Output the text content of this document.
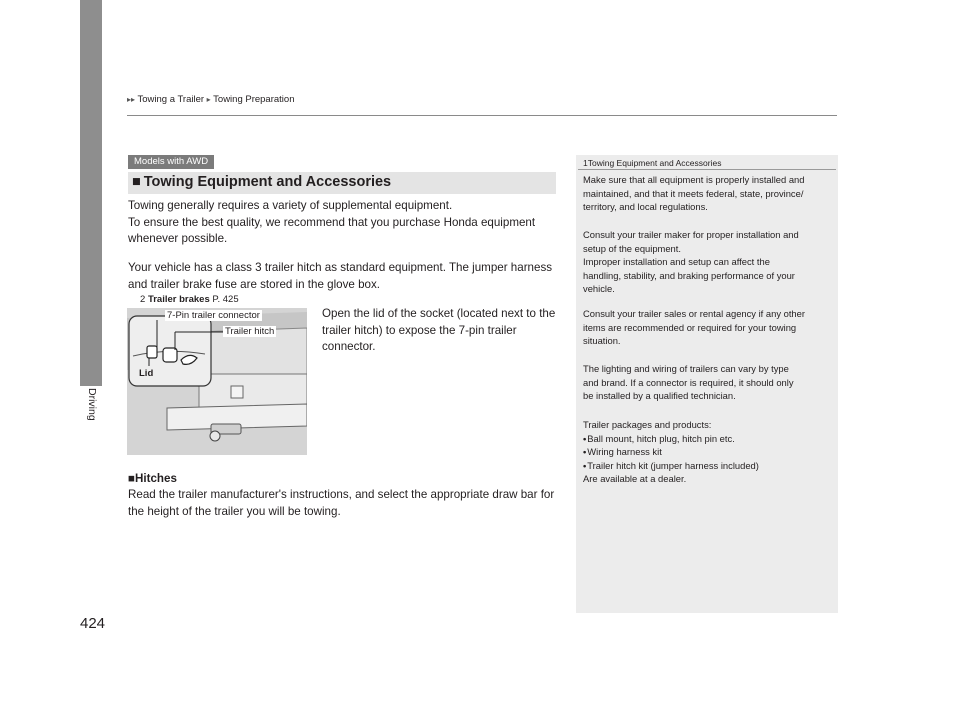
Driving
▸▸ Towing a Trailer ▸ Towing Preparation
Models with AWD
■ Towing Equipment and Accessories
Towing generally requires a variety of supplemental equipment.
To ensure the best quality, we recommend that you purchase Honda equipment
whenever possible.
Your vehicle has a class 3 trailer hitch as standard equipment. The jumper harness
and trailer brake fuse are stored in the glove box.
2 Trailer brakes P. 425
7-Pin trailer connector
Trailer hitch
Lid
Open the lid of the socket (located next to the
trailer hitch) to expose the 7-pin trailer
connector.
■Hitches
Read the trailer manufacturer's instructions, and select the appropriate draw bar for
the height of the trailer you will be towing.
1Towing Equipment and Accessories

Make sure that all equipment is properly installed and

maintained, and that it meets federal, state, province/

territory, and local regulations.

Consult your trailer maker for proper installation and

setup of the equipment.

Improper installation and setup can affect the

handling, stability, and braking performance of your

vehicle.

Consult your trailer sales or rental agency if any other

items are recommended or required for your towing

situation.

The lighting and wiring of trailers can vary by type

and brand. If a connector is required, it should only

be installed by a qualified technician.

Trailer packages and products:

• Ball mount, hitch plug, hitch pin etc.

• Wiring harness kit

• Trailer hitch kit (jumper harness included)

Are available at a dealer.

424
